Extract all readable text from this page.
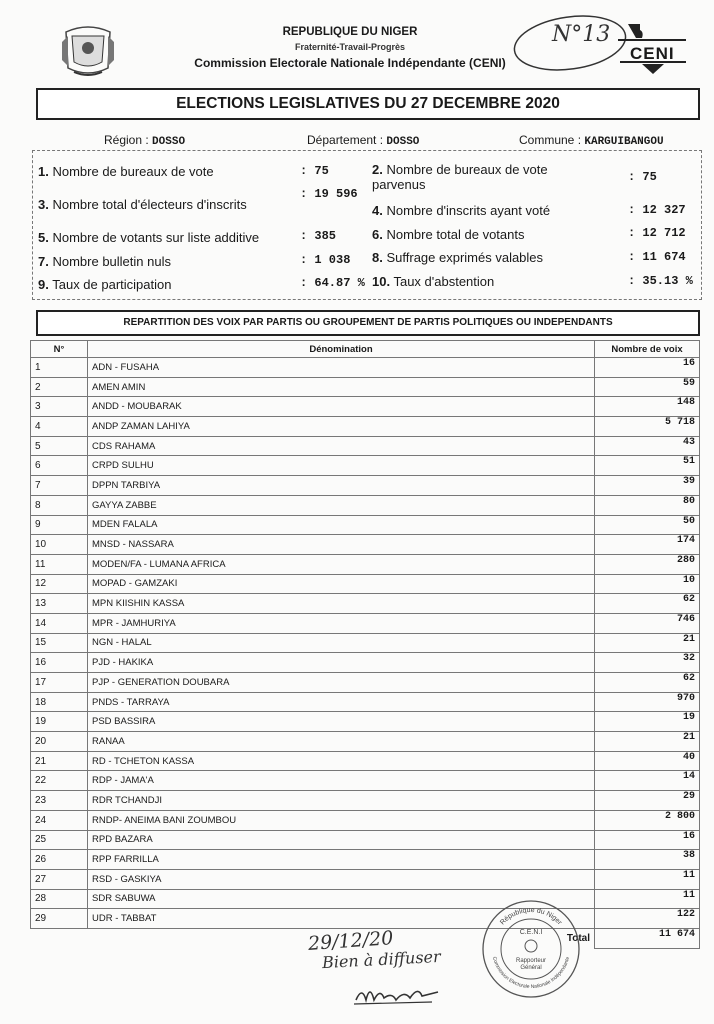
REPUBLIQUE DU NIGER
Fraternité-Travail-Progrès
Commission Electorale Nationale Indépendante (CENI)
N°13
CENI
ELECTIONS LEGISLATIVES DU 27 DECEMBRE 2020
Région : DOSSO	Département : DOSSO	Commune : KARGUIBANGOU
1. Nombre de bureaux de vote	: 75	2. Nombre de bureaux de vote parvenus	: 75
3. Nombre total d'électeurs d'inscrits
: 19 596
4. Nombre d'inscrits ayant voté	: 12 327
5. Nombre de votants sur liste additive	: 385	6. Nombre total de votants	: 12 712
7. Nombre bulletin nuls	: 1 038 8. Suffrage exprimés valables	: 11 674
9. Taux de participation	: 64.87 % 10. Taux d'abstention	: 35.13 %
REPARTITION DES VOIX PAR PARTIS OU GROUPEMENT DE PARTIS POLITIQUES OU INDEPENDANTS
N°	Dénomination	Nombre de voix
1	ADN - FUSAHA	16
2	AMEN AMIN	59
3	ANDD - MOUBARAK	148
4	ANDP ZAMAN LAHIYA	5 718
5	CDS RAHAMA	43
6	CRPD SULHU	51
7	DPPN TARBIYA	39
8	GAYYA ZABBE	80
9	MDEN FALALA	50
10	MNSD - NASSARA	174
11	MODEN/FA - LUMANA AFRICA	280
12	MOPAD - GAMZAKI	10
13	MPN KIISHIN KASSA	62
14	MPR - JAMHURIYA	746
15	NGN - HALAL	21
16	PJD - HAKIKA	32
17	PJP - GENERATION DOUBARA	62
18	PNDS - TARRAYA	970
19	PSD BASSIRA	19
20	RANAA	21
21	RD - TCHETON KASSA	40
22	RDP - JAMA'A	14
23	RDR TCHANDJI	29
24	RNDP- ANEIMA BANI ZOUMBOU	2 800
25	RPD BAZARA	16
26	RPP FARRILLA	38
27	RSD - GASKIYA	11
28	SDR SABUWA	11
29	UDR - TABBAT	122
Total		11 674
29/12/20
Bien à diffuser
République du Niger
Commission Electorale Nationale Indépendante
C.E.N.I
Rapporteur
Général
